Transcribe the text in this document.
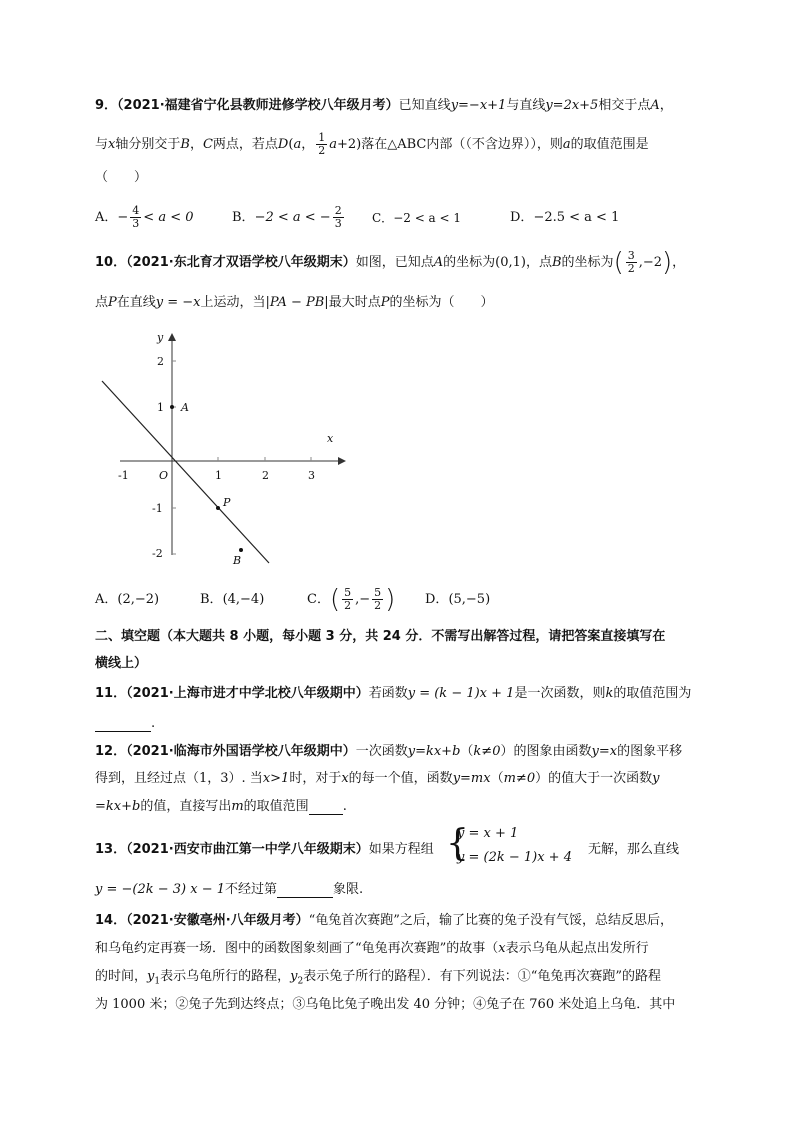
9．（2021·福建省宁化县教师进修学校八年级月考）已知直线y=−x+1与直线y=2x+5相交于点A，
与x轴分别交于B，C两点，若点D(a， $\frac{1}{2} a+2$)落在△ABC内部（（不含边界）），则a的取值范围是
（　　）
A．− $\frac{4}{3} < a < 0$	B．−2 < a < − $\frac{2}{3}$ C．−2 < a < 1	D．−2.5 < a < 1
10．（2021·东北育才双语学校八年级期末）如图，已知点A的坐标为(0,1)，点B的坐标为( $\frac{3}{2} ,-2$)，
点P在直线y = −x上运动，当|PA − PB|最大时点P的坐标为（　　）
y
x
O
-1	1	2	3
2
1
-1
-2
A
P
B
A．(2,−2)	B．(4,−4)	C．( $\frac{5}{2}$ ,− $\frac{5}{2}$ ) D．(5,−5)
二、填空题（本大题共 8 小题，每小题 3 分，共 24 分．不需写出解答过程，请把答案直接填写在
横线上）
11．（2021·上海市进才中学北校八年级期中）若函数y = (k − 1)x + 1是一次函数，则k的取值范围为
.
12．（2021·临海市外国语学校八年级期中）一次函数y=kx+b（k≠0）的图象由函数y=x的图象平移
得到，且经过点（1，3）. 当x>1时，对于x的每一个值，函数y=mx（m≠0）的值大于一次函数y
=kx+b的值，直接写出m的取值范围	.
13．（2021·西安市曲江第一中学八年级期末）如果方程组 {
y = x + 1
y = (2k − 1)x + 4
无解，那么直线
y = −(2k − 3) x − 1不经过第	象限.
14．（2021·安徽亳州·八年级月考）“龟兔首次赛跑”之后，输了比赛的兔子没有气馁，总结反思后，
和乌龟约定再赛一场．图中的函数图象刻画了“龟兔再次赛跑”的故事（x表示乌龟从起点出发所行
的时间，$y_1$表示乌龟所行的路程，$y_2$表示兔子所行的路程）．有下列说法：①“龟兔再次赛跑”的路程
为 1000 米；②兔子先到达终点；③乌龟比兔子晚出发 40 分钟；④兔子在 760 米处追上乌龟．其中
